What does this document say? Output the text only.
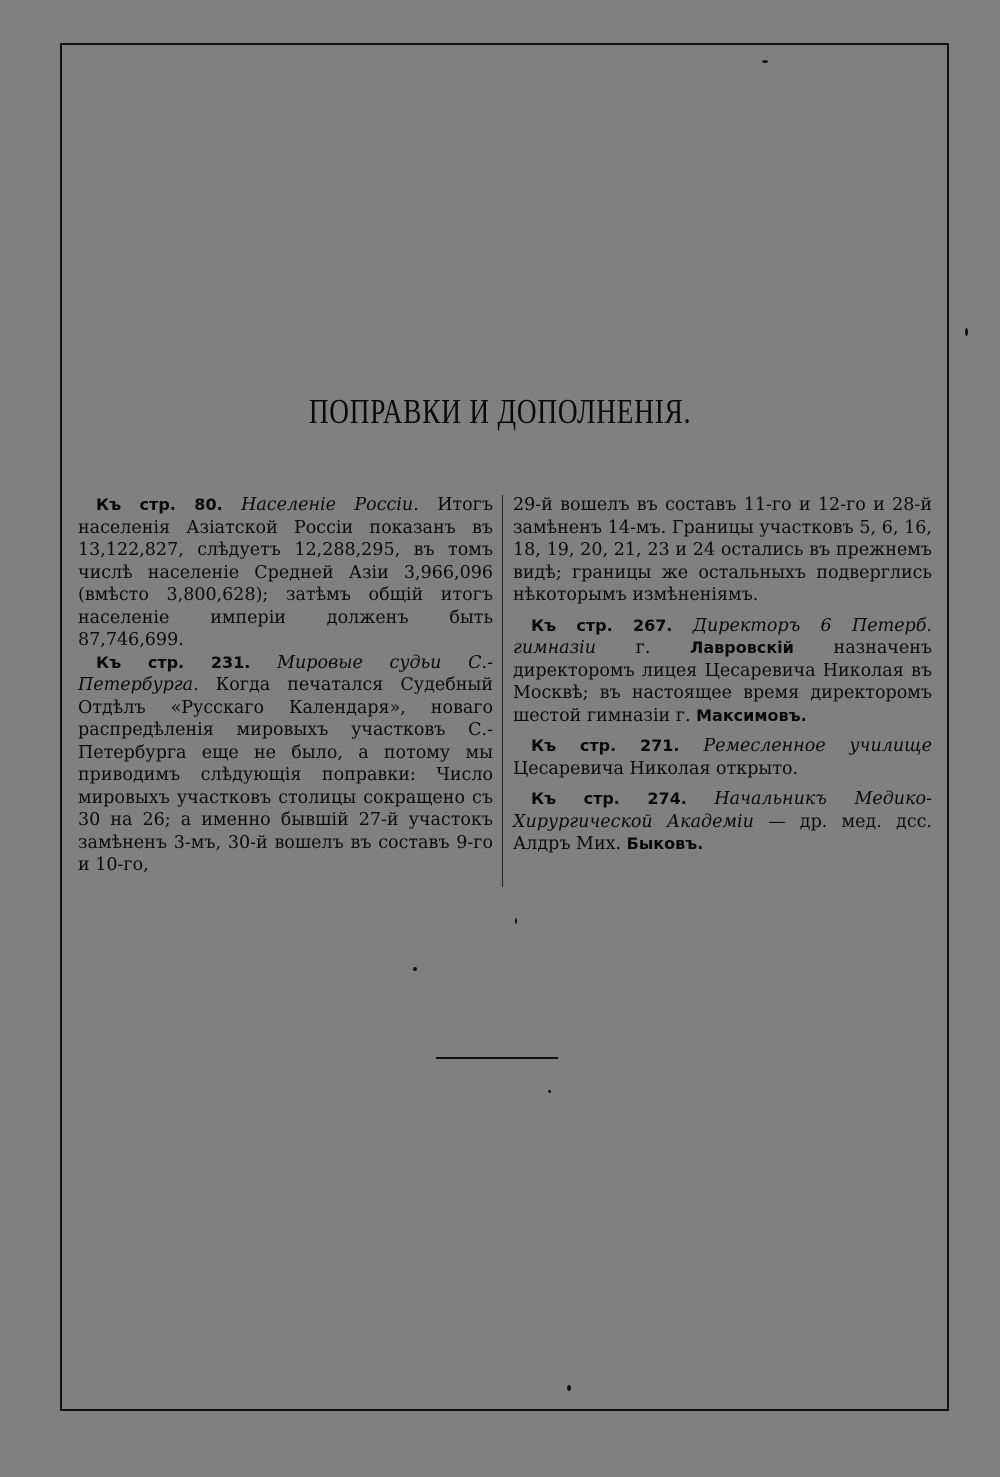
ПОПРАВКИ И ДОПОЛНЕНІЯ.

Къ стр. 80. Населеніе Россіи. Итогъ населенія Азіатской Россіи показанъ въ 13,122,827, слѣдуетъ 12,288,295, въ томъ числѣ населеніе Средней Азіи 3,966,096 (вмѣсто 3,800,628); затѣмъ общій итогъ населеніе имперіи долженъ быть 87,746,699.

Къ стр. 231. Мировые судьи С.-Петербурга. Когда печатался Судебный Отдѣлъ «Русскаго Календаря», новаго распредѣленія мировыхъ участковъ С.-Петербурга еще не было, а потому мы приводимъ слѣдующія поправки: Число мировыхъ участковъ столицы сокращено съ 30 на 26; а именно бывшій 27-й участокъ замѣненъ 3-мъ, 30-й вошелъ въ составъ 9-го и 10-го,

29-й вошелъ въ составъ 11-го и 12-го и 28-й замѣненъ 14-мъ. Границы участковъ 5, 6, 16, 18, 19, 20, 21, 23 и 24 остались въ прежнемъ видѣ; границы же остальныхъ подверглись нѣкоторымъ измѣненіямъ.

Къ стр. 267. Директоръ 6 Петерб. гимназіи г. Лавровскій назначенъ директоромъ лицея Цесаревича Николая въ Москвѣ; въ настоящее время директоромъ шестой гимназіи г. Максимовъ.

Къ стр. 271. Ремесленное училище Цесаревича Николая открыто.

Къ стр. 274. Начальникъ Медико-Хирургической Академіи — др. мед. дсс. Алдръ Мих. Быковъ.
